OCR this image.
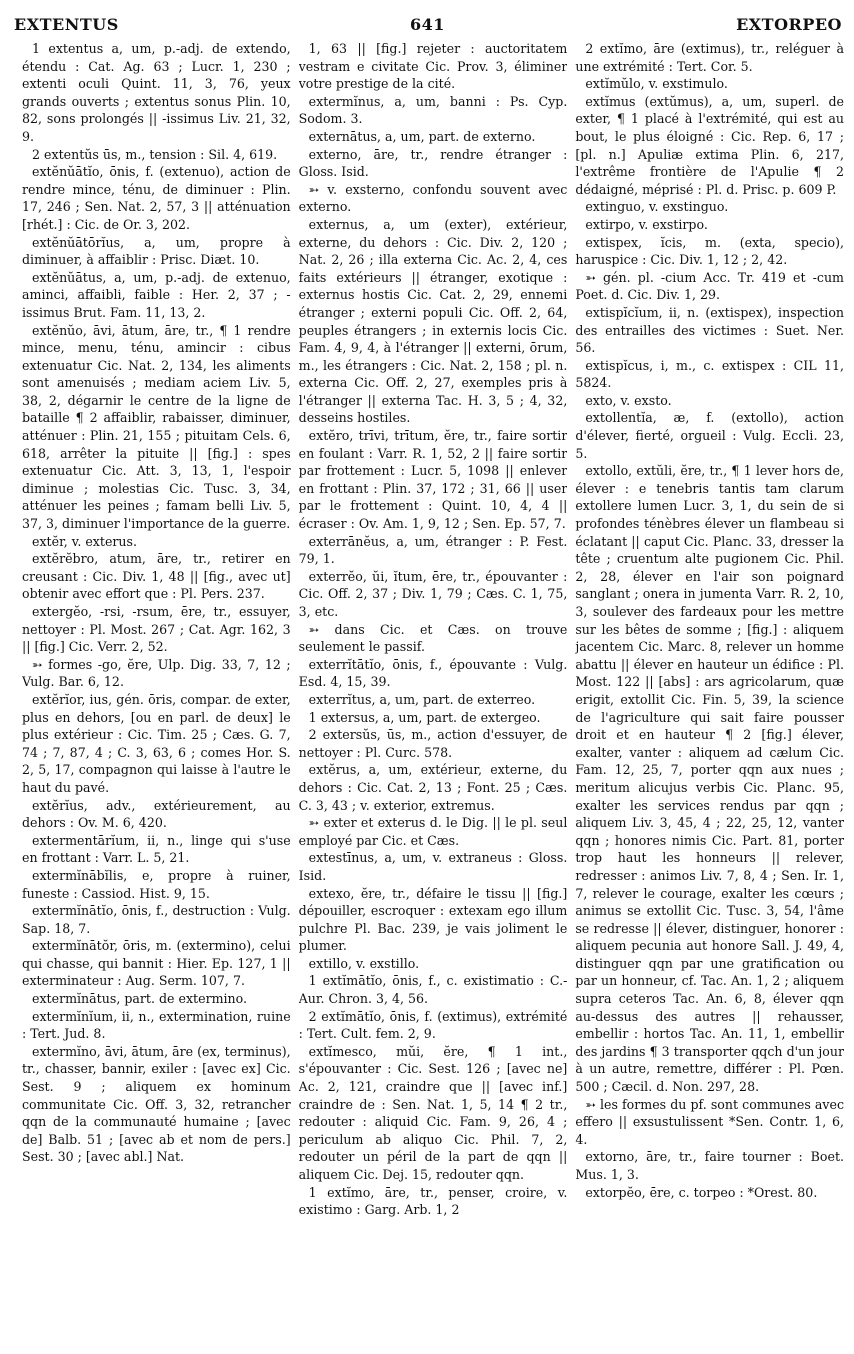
EXTENTUS	641	EXTORPEO

1 extentus a, um, p.-adj. de extendo, étendu : Cat. Ag. 63 ; Lucr. 1, 230 ; extenti oculi Quint. 11, 3, 76, yeux grands ouverts ; extentus sonus Plin. 10, 82, sons prolongés || -issimus Liv. 21, 32, 9.

2 extentŭs ūs, m., tension : Sil. 4, 619.

extĕnŭātĭo, ōnis, f. (extenuo), action de rendre mince, ténu, de diminuer : Plin. 17, 246 ; Sen. Nat. 2, 57, 3 || atténuation [rhét.] : Cic. de Or. 3, 202.

extĕnŭātōrĭus, a, um, propre à diminuer, à affaiblir : Prisc. Diæt. 10.

extĕnŭātus, a, um, p.-adj. de extenuo, aminci, affaibli, faible : Her. 2, 37 ; -issimus Brut. Fam. 11, 13, 2.

extĕnŭo, āvi, ātum, āre, tr., ¶ 1 rendre mince, menu, ténu, amincir : cibus extenuatur Cic. Nat. 2, 134, les aliments sont amenuisés ; mediam aciem Liv. 5, 38, 2, dégarnir le centre de la ligne de bataille ¶ 2 affaiblir, rabaisser, diminuer, atténuer : Plin. 21, 155 ; pituitam Cels. 6, 618, arrêter la pituite || [fig.] : spes extenuatur Cic. Att. 3, 13, 1, l'espoir diminue ; molestias Cic. Tusc. 3, 34, atténuer les peines ; famam belli Liv. 5, 37, 3, diminuer l'importance de la guerre.

extĕr, v. exterus.

extĕrĕbro, atum, āre, tr., retirer en creusant : Cic. Div. 1, 48 || [fig., avec ut] obtenir avec effort que : Pl. Pers. 237.

extergĕo, -rsi, -rsum, ēre, tr., essuyer, nettoyer : Pl. Most. 267 ; Cat. Agr. 162, 3 || [fig.] Cic. Verr. 2, 52.

➳ formes -go, ĕre, Ulp. Dig. 33, 7, 12 ; Vulg. Bar. 6, 12.

extĕrĭor, ius, gén. ōris, compar. de exter, plus en dehors, [ou en parl. de deux] le plus extérieur : Cic. Tim. 25 ; Cæs. G. 7, 74 ; 7, 87, 4 ; C. 3, 63, 6 ; comes Hor. S. 2, 5, 17, compagnon qui laisse à l'autre le haut du pavé.

extĕrĭus, adv., extérieurement, au dehors : Ov. M. 6, 420.

extermentārĭum, ii, n., linge qui s'use en frottant : Varr. L. 5, 21.

extermĭnābĭlis, e, propre à ruiner, funeste : Cassiod. Hist. 9, 15.

extermĭnātĭo, ōnis, f., destruction : Vulg. Sap. 18, 7.

extermĭnātŏr, ōris, m. (extermino), celui qui chasse, qui bannit : Hier. Ep. 127, 1 || exterminateur : Aug. Serm. 107, 7.

extermĭnātus, part. de extermino.

extermĭnĭum, ii, n., extermination, ruine : Tert. Jud. 8.

extermĭno, āvi, ātum, āre (ex, terminus), tr., chasser, bannir, exiler : [avec ex] Cic. Sest. 9 ; aliquem ex hominum communitate Cic. Off. 3, 32, retrancher qqn de la communauté humaine ; [avec de] Balb. 51 ; [avec ab et nom de pers.] Sest. 30 ; [avec abl.] Nat.

1, 63 || [fig.] rejeter : auctoritatem vestram e civitate Cic. Prov. 3, éliminer votre prestige de la cité.

extermĭnus, a, um, banni : Ps. Cyp. Sodom. 3.

externātus, a, um, part. de externo.

externo, āre, tr., rendre étranger : Gloss. Isid.

➳ v. exsterno, confondu souvent avec externo.

externus, a, um (exter), extérieur, externe, du dehors : Cic. Div. 2, 120 ; Nat. 2, 26 ; illa externa Cic. Ac. 2, 4, ces faits extérieurs || étranger, exotique : externus hostis Cic. Cat. 2, 29, ennemi étranger ; externi populi Cic. Off. 2, 64, peuples étrangers ; in externis locis Cic. Fam. 4, 9, 4, à l'étranger || externi, ōrum, m., les étrangers : Cic. Nat. 2, 158 ; pl. n. externa Cic. Off. 2, 27, exemples pris à l'étranger || externa Tac. H. 3, 5 ; 4, 32, desseins hostiles.

extĕro, trīvi, trītum, ĕre, tr., faire sortir en foulant : Varr. R. 1, 52, 2 || faire sortir par frottement : Lucr. 5, 1098 || enlever en frottant : Plin. 37, 172 ; 31, 66 || user par le frottement : Quint. 10, 4, 4 || écraser : Ov. Am. 1, 9, 12 ; Sen. Ep. 57, 7.

exterrānĕus, a, um, étranger : P. Fest. 79, 1.

exterrĕo, ŭi, ĭtum, ēre, tr., épouvanter : Cic. Off. 2, 37 ; Div. 1, 79 ; Cæs. C. 1, 75, 3, etc.

➳ dans Cic. et Cæs. on trouve seulement le passif.

exterrĭtātĭo, ōnis, f., épouvante : Vulg. Esd. 4, 15, 39.

exterrĭtus, a, um, part. de exterreo.

1 extersus, a, um, part. de extergeo.

2 extersŭs, ūs, m., action d'essuyer, de nettoyer : Pl. Curc. 578.

extĕrus, a, um, extérieur, externe, du dehors : Cic. Cat. 2, 13 ; Font. 25 ; Cæs. C. 3, 43 ; v. exterior, extremus.

➳ exter et exterus d. le Dig. || le pl. seul employé par Cic. et Cæs.

extestīnus, a, um, v. extraneus : Gloss. Isid.

extexo, ĕre, tr., défaire le tissu || [fig.] dépouiller, escroquer : extexam ego illum pulchre Pl. Bac. 239, je vais joliment le plumer.

extillo, v. exstillo.

1 extĭmātĭo, ōnis, f., c. existimatio : C.-Aur. Chron. 3, 4, 56.

2 extĭmātĭo, ōnis, f. (extimus), extrémité : Tert. Cult. fem. 2, 9.

extĭmesco, mŭi, ĕre, ¶ 1 int., s'épouvanter : Cic. Sest. 126 ; [avec ne] Ac. 2, 121, craindre que || [avec inf.] craindre de : Sen. Nat. 1, 5, 14 ¶ 2 tr., redouter : aliquid Cic. Fam. 9, 26, 4 ; periculum ab aliquo Cic. Phil. 7, 2, redouter un péril de la part de qqn || aliquem Cic. Dej. 15, redouter qqn.

1 extĭmo, āre, tr., penser, croire, v. existimo : Garg. Arb. 1, 2

2 extĭmo, āre (extimus), tr., reléguer à une extrémité : Tert. Cor. 5.

extĭmŭlo, v. exstimulo.

extĭmus (extŭmus), a, um, superl. de exter, ¶ 1 placé à l'extrémité, qui est au bout, le plus éloigné : Cic. Rep. 6, 17 ; [pl. n.] Apuliæ extima Plin. 6, 217, l'extrême frontière de l'Apulie ¶ 2 dédaigné, méprisé : Pl. d. Prisc. p. 609 P.

extinguo, v. exstinguo.

extirpo, v. exstirpo.

extispex, ĭcis, m. (exta, specio), haruspice : Cic. Div. 1, 12 ; 2, 42.

➳ gén. pl. -cium Acc. Tr. 419 et -cum Poet. d. Cic. Div. 1, 29.

extispĭcĭum, ii, n. (extispex), inspection des entrailles des victimes : Suet. Ner. 56.

extispĭcus, i, m., c. extispex : CIL 11, 5824.

exto, v. exsto.

extollentĭa, æ, f. (extollo), action d'élever, fierté, orgueil : Vulg. Eccli. 23, 5.

extollo, extŭli, ĕre, tr., ¶ 1 lever hors de, élever : e tenebris tantis tam clarum extollere lumen Lucr. 3, 1, du sein de si profondes ténèbres élever un flambeau si éclatant || caput Cic. Planc. 33, dresser la tête ; cruentum alte pugionem Cic. Phil. 2, 28, élever en l'air son poignard sanglant ; onera in jumenta Varr. R. 2, 10, 3, soulever des fardeaux pour les mettre sur les bêtes de somme ; [fig.] : aliquem jacentem Cic. Marc. 8, relever un homme abattu || élever en hauteur un édifice : Pl. Most. 122 || [abs] : ars agricolarum, quæ erigit, extollit Cic. Fin. 5, 39, la science de l'agriculture qui sait faire pousser droit et en hauteur ¶ 2 [fig.] élever, exalter, vanter : aliquem ad cælum Cic. Fam. 12, 25, 7, porter qqn aux nues ; meritum alicujus verbis Cic. Planc. 95, exalter les services rendus par qqn ; aliquem Liv. 3, 45, 4 ; 22, 25, 12, vanter qqn ; honores nimis Cic. Part. 81, porter trop haut les honneurs || relever, redresser : animos Liv. 7, 8, 4 ; Sen. Ir. 1, 7, relever le courage, exalter les cœurs ; animus se extollit Cic. Tusc. 3, 54, l'âme se redresse || élever, distinguer, honorer : aliquem pecunia aut honore Sall. J. 49, 4, distinguer qqn par une gratification ou par un honneur, cf. Tac. An. 1, 2 ; aliquem supra ceteros Tac. An. 6, 8, élever qqn au-dessus des autres || rehausser, embellir : hortos Tac. An. 11, 1, embellir des jardins ¶ 3 transporter qqch d'un jour à un autre, remettre, différer : Pl. Pœn. 500 ; Cæcil. d. Non. 297, 28.

➳ les formes du pf. sont communes avec effero || exsustulissent *Sen. Contr. 1, 6, 4.

extorno, āre, tr., faire tourner : Boet. Mus. 1, 3.

extorpĕo, ēre, c. torpeo : *Orest. 80.
